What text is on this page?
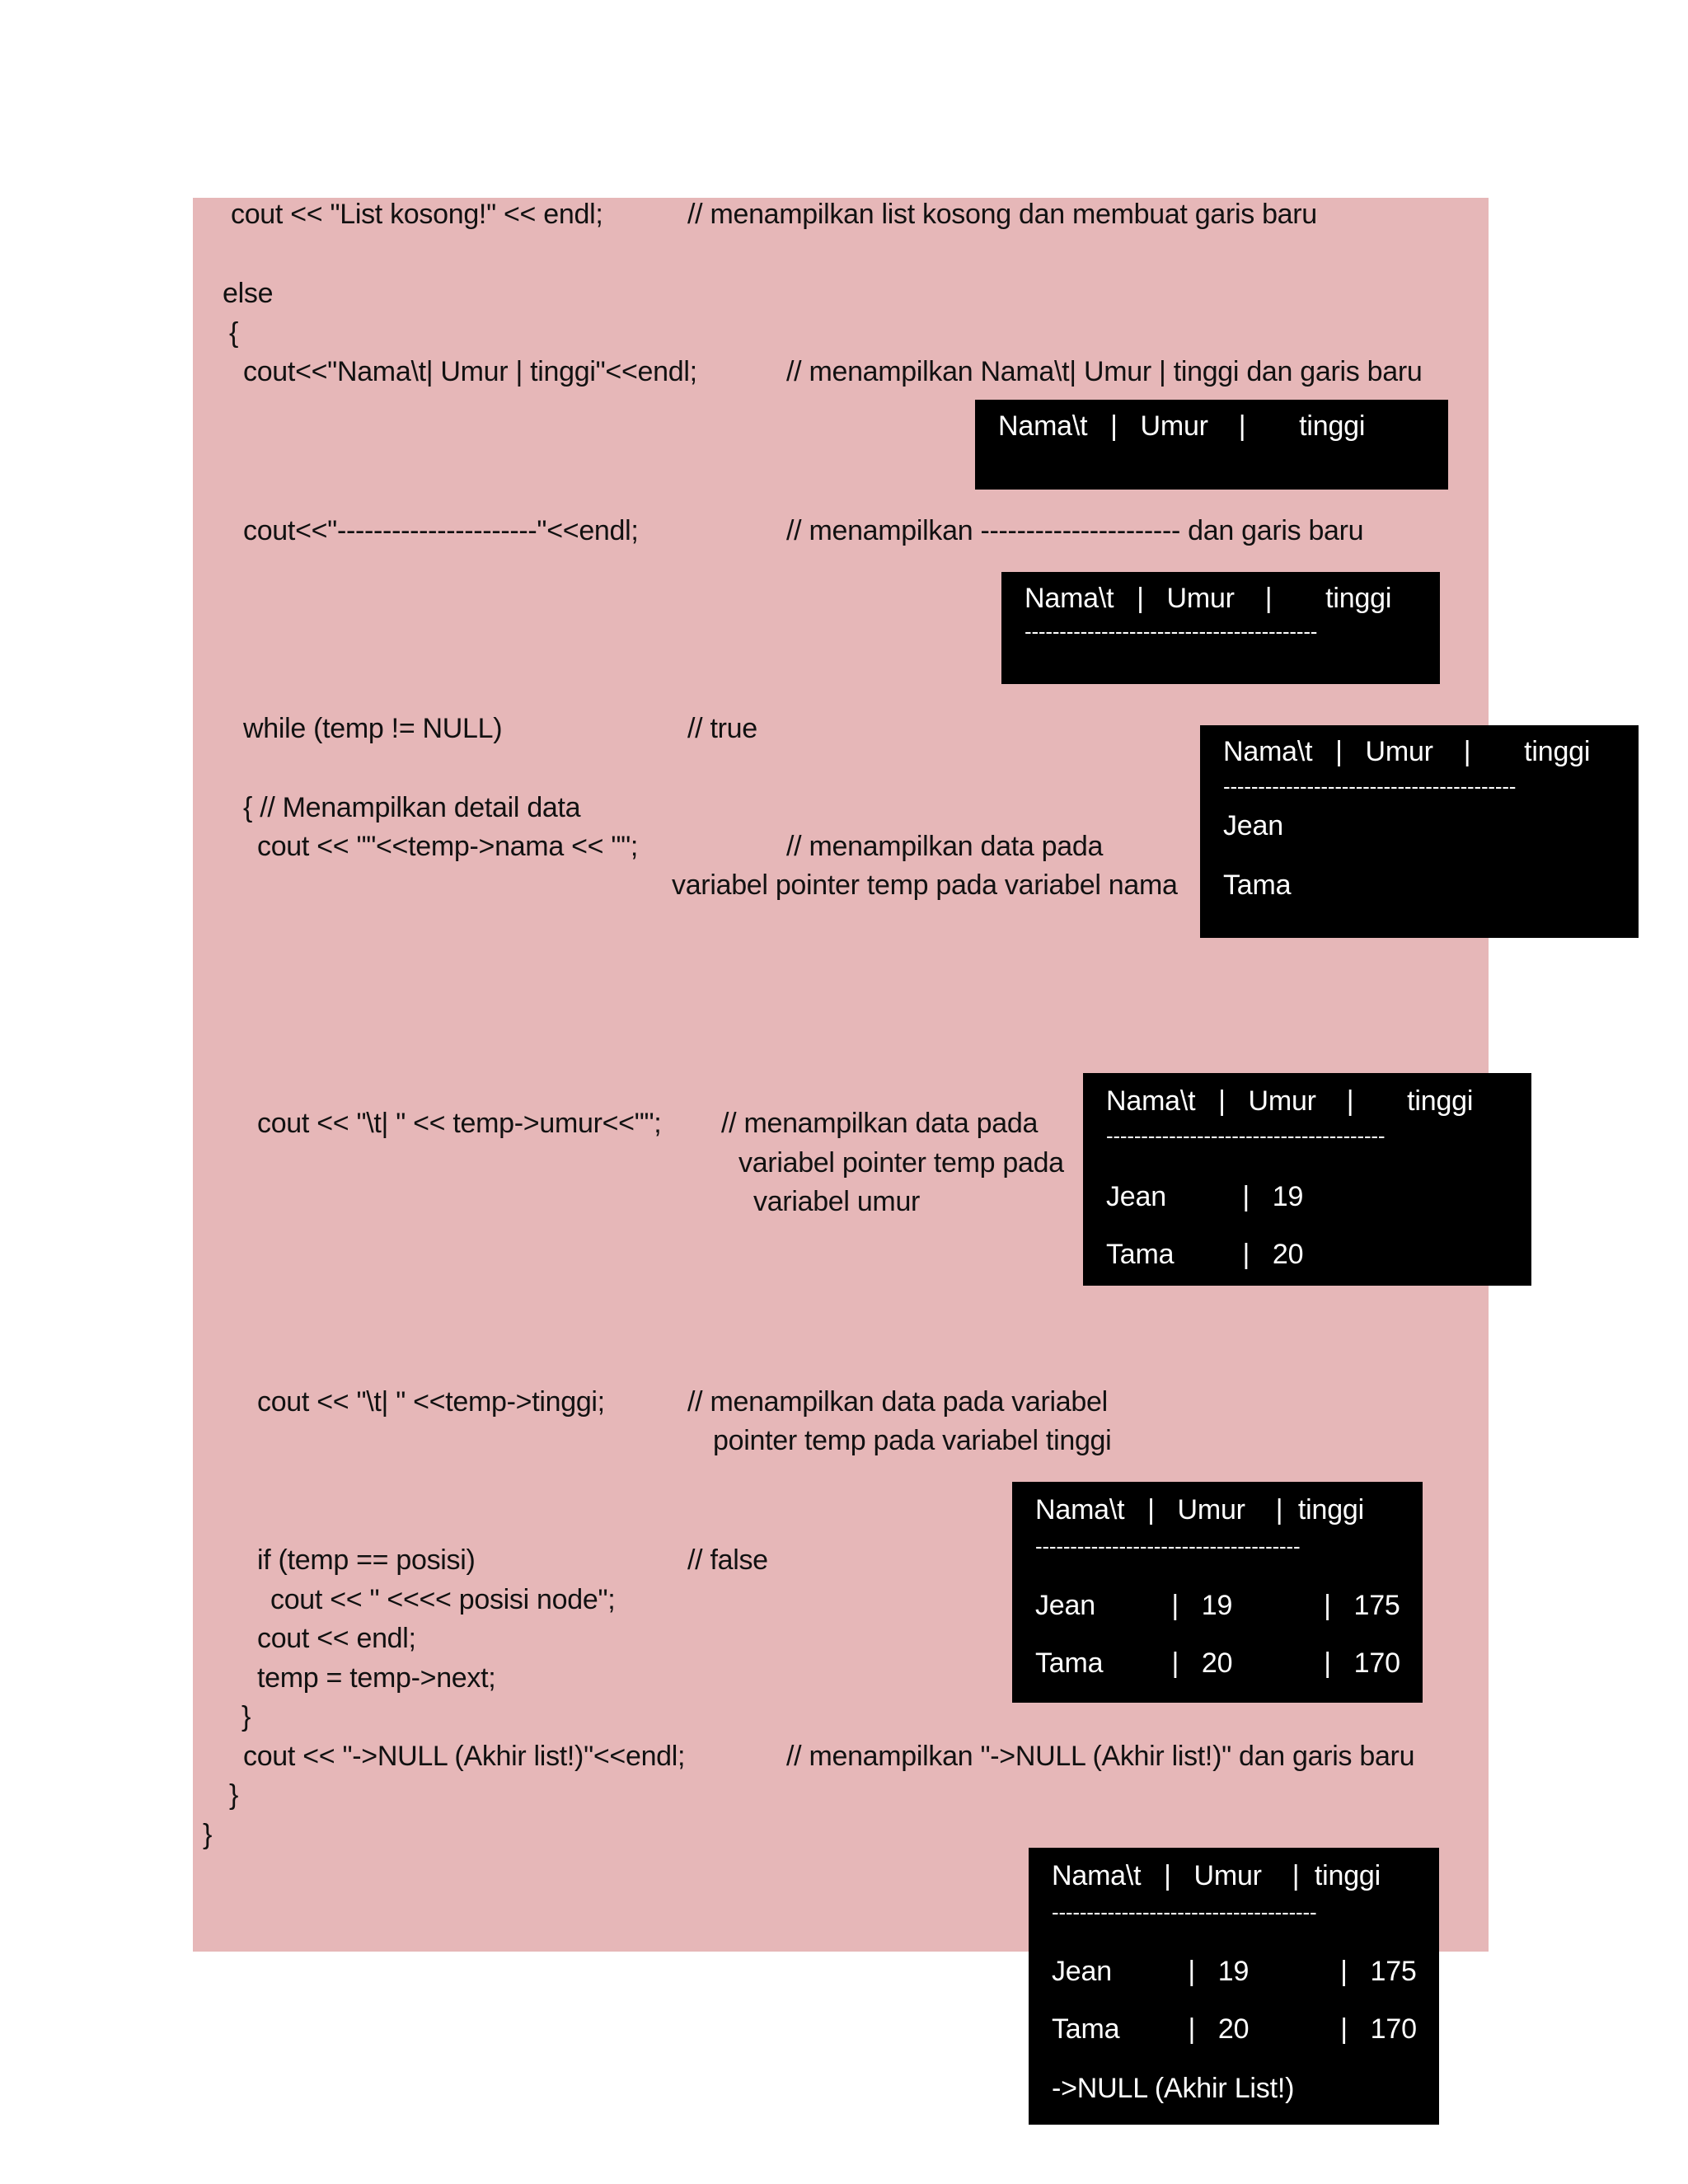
cout << "List kosong!" << endl;	// menampilkan list kosong dan membuat garis baru
else
{
cout<<"Nama\t| Umur | tinggi"<<endl;	// menampilkan Nama\t| Umur | tinggi dan garis baru
cout<<"----------------------"<<endl;	// menampilkan ---------------------- dan garis baru
while (temp != NULL)	// true
{ // Menampilkan detail data
cout << ""<<temp->nama << "";	// menampilkan data pada
variabel pointer temp pada variabel nama
cout << "\t| " << temp->umur<<""; // menampilkan data pada
variabel pointer temp pada
variabel umur
cout << "\t| " <<temp->tinggi;	// menampilkan data pada variabel
pointer temp pada variabel tinggi
if (temp == posisi)	// false
cout << " <<<< posisi node";
cout << endl;
temp = temp->next;
}
cout << "->NULL (Akhir list!)"<<endl;	// menampilkan "->NULL (Akhir list!)" dan garis baru
}
}
Nama\t   |   Umur    |       tinggi
Nama\t   |   Umur    |       tinggi
------------------------------------------
Nama\t   |   Umur    |       tinggi
------------------------------------------
Jean
Tama
Nama\t   |   Umur    |       tinggi
----------------------------------------
Jean          |   19
Tama         |   20
Nama\t   |   Umur    |  tinggi
--------------------------------------
Jean          |   19            |   175
Tama         |   20            |   170
Nama\t   |   Umur    |  tinggi
--------------------------------------
Jean          |   19            |   175
Tama         |   20            |   170
->NULL (Akhir List!)
